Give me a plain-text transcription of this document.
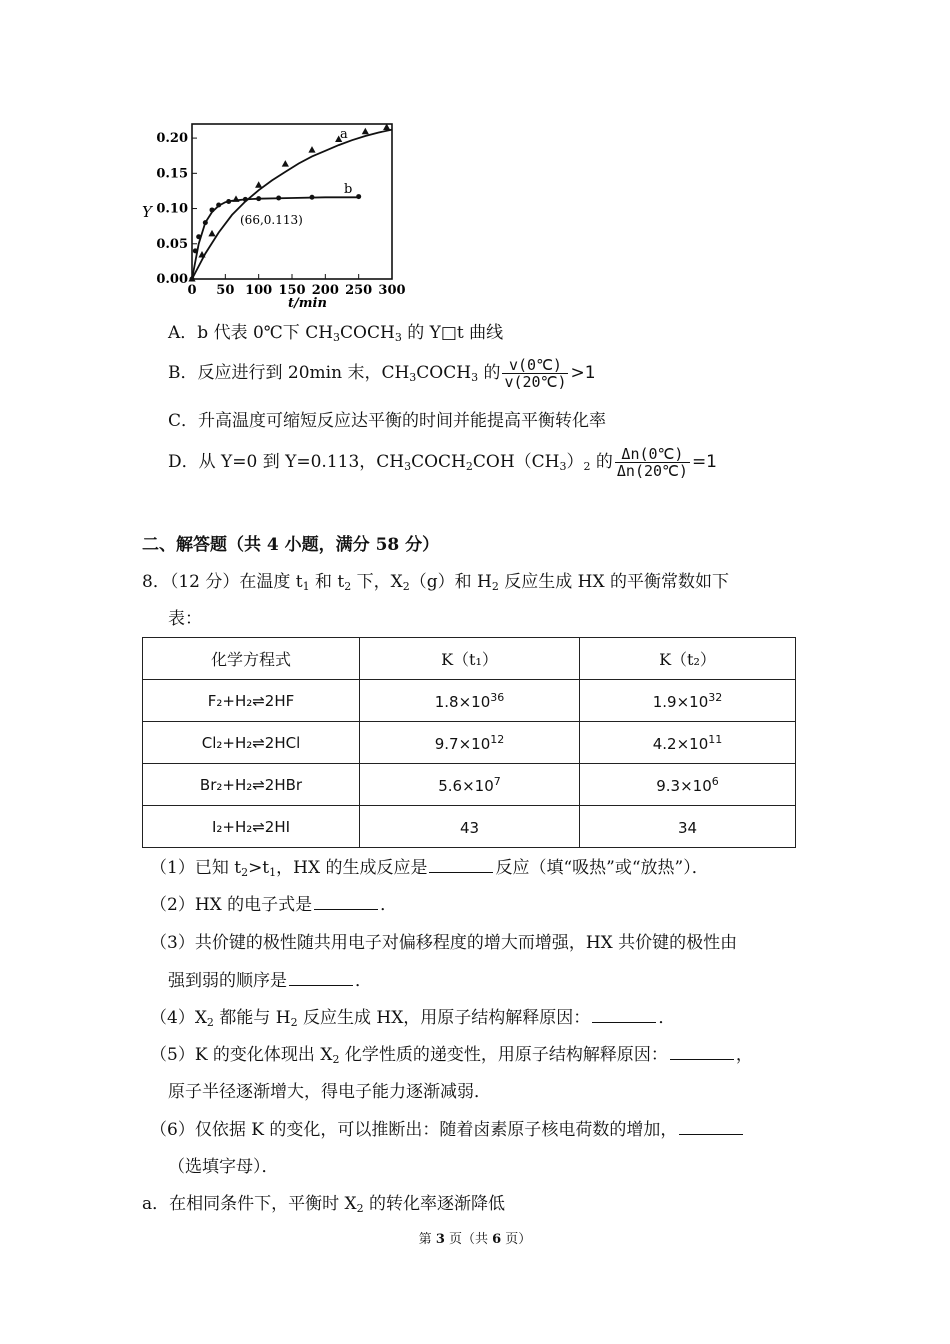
0.00
0.05
0.10
0.15
0.20
0 50 100 150 200 250 300
Y
t/min
a
b
(66,0.113)
A．b 代表 0℃下 $CH_3COCH_3$ 的 Y□t 曲线
B．反应进行到 20min 末，$CH_3COCH_3$ 的 $\frac{v(0℃)}{v(20℃)} >1$
C．升高温度可缩短反应达平衡的时间并能提高平衡转化率
D．从 Y=0 到 Y=0.113，$CH_3COCH_2COH(CH_3)_2$ 的 $\frac{\Delta n(0℃)}{\Delta n(20℃)} =1$
二、解答题（共 4 小题，满分 58 分）
8．（12 分）在温度 $t_1$ 和 $t_2$ 下，$X_2(g)$和 $H_2$ 反应生成 HX 的平衡常数如下
表：
化学方程式	K（t₁）	K（t₂）
F₂+H₂⇌2HF	$1.8\times 10^{36}$	$1.9\times 10^{32}$
Cl₂+H₂⇌2HCl	$9.7\times 10^{12}$	$4.2\times 10^{11}$
Br₂+H₂⇌2HBr	$5.6\times 10^7$	$9.3\times 10^6$
I₂+H₂⇌2HI	43	34
（1）已知 $t_2>t_1$，HX 的生成反应是	反应（填“吸热”或“放热”）．
（2）HX 的电子式是	．
（3）共价键的极性随共用电子对偏移程度的增大而增强，HX 共价键的极性由
强到弱的顺序是	．
$(4)X_2$ 都能与 $H_2$ 反应生成 HX，用原子结构解释原因：	．
（5）K 的变化体现出 $X_2$ 化学性质的递变性，用原子结构解释原因：	，
原子半径逐渐增大，得电子能力逐渐减弱．
（6）仅依据 K 的变化，可以推断出：随着卤素原子核电荷数的增加，
（选填字母）．
a．在相同条件下，平衡时 $X_2$ 的转化率逐渐降低
第 3 页（共 6 页）
